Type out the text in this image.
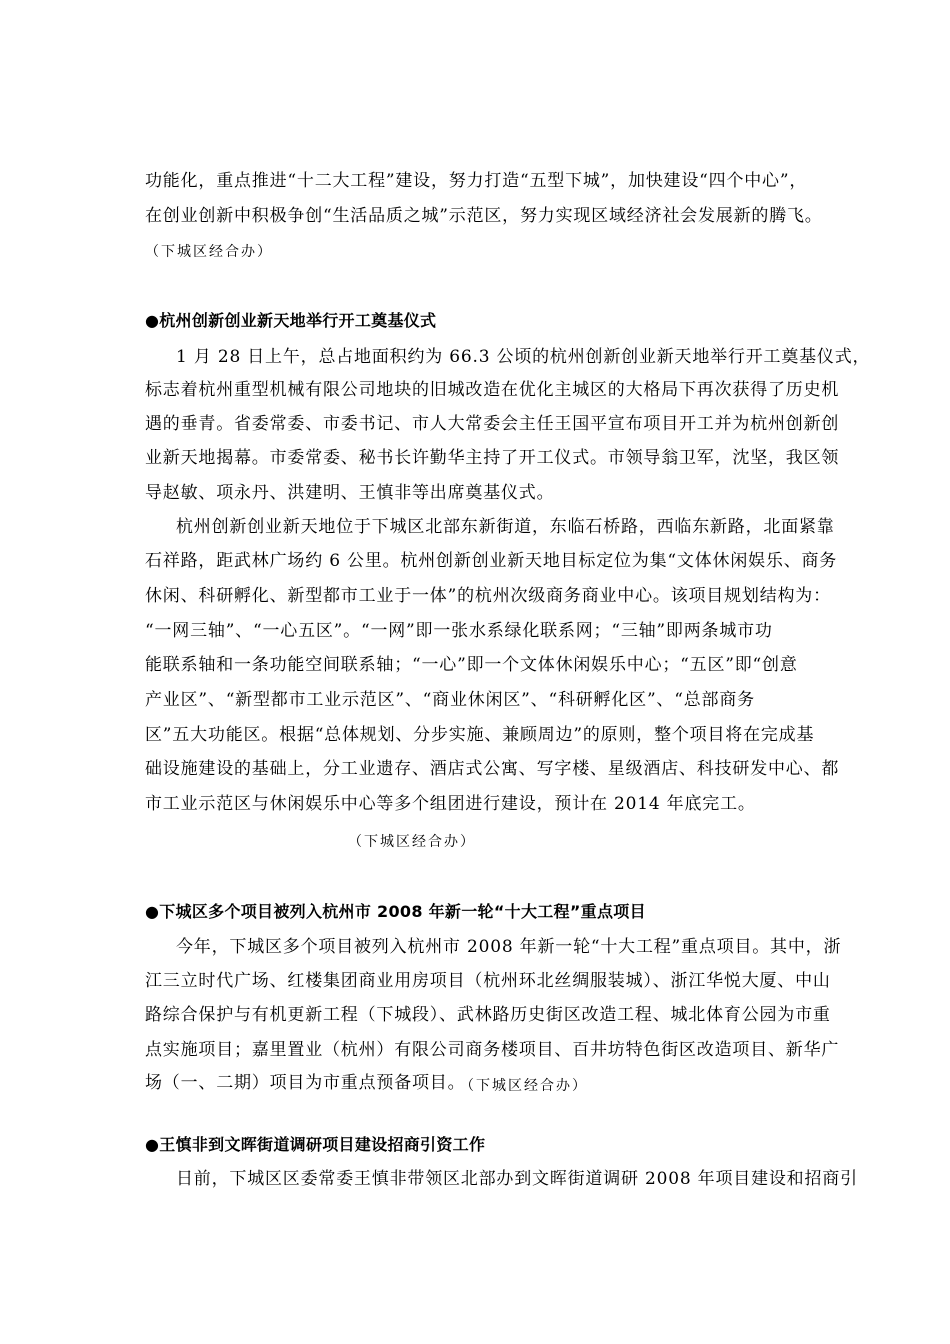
功能化，重点推进“十二大工程”建设，努力打造“五型下城”，加快建设“四个中心”，
在创业创新中积极争创“生活品质之城”示范区，努力实现区域经济社会发展新的腾飞。
（下城区经合办）
●杭州创新创业新天地举行开工奠基仪式
1 月 28 日上午，总占地面积约为 66.3 公顷的杭州创新创业新天地举行开工奠基仪式，
标志着杭州重型机械有限公司地块的旧城改造在优化主城区的大格局下再次获得了历史机
遇的垂青。省委常委、市委书记、市人大常委会主任王国平宣布项目开工并为杭州创新创
业新天地揭幕。市委常委、秘书长许勤华主持了开工仪式。市领导翁卫军，沈坚，我区领
导赵敏、项永丹、洪建明、王慎非等出席奠基仪式。
杭州创新创业新天地位于下城区北部东新街道，东临石桥路，西临东新路，北面紧靠
石祥路，距武林广场约 6 公里。杭州创新创业新天地目标定位为集“文体休闲娱乐、商务
休闲、科研孵化、新型都市工业于一体”的杭州次级商务商业中心。该项目规划结构为：
“一网三轴”、“一心五区”。“一网”即一张水系绿化联系网；“三轴”即两条城市功
能联系轴和一条功能空间联系轴；“一心”即一个文体休闲娱乐中心；“五区”即“创意
产业区”、“新型都市工业示范区”、“商业休闲区”、“科研孵化区”、“总部商务
区”五大功能区。根据“总体规划、分步实施、兼顾周边”的原则，整个项目将在完成基
础设施建设的基础上，分工业遗存、酒店式公寓、写字楼、星级酒店、科技研发中心、都
市工业示范区与休闲娱乐中心等多个组团进行建设，预计在 2014 年底完工。
（下城区经合办）
●下城区多个项目被列入杭州市 2008 年新一轮“十大工程”重点项目
今年，下城区多个项目被列入杭州市 2008 年新一轮“十大工程”重点项目。其中，浙
江三立时代广场、红楼集团商业用房项目（杭州环北丝绸服装城）、浙江华悦大厦、中山
路综合保护与有机更新工程（下城段）、武林路历史街区改造工程、城北体育公园为市重
点实施项目；嘉里置业（杭州）有限公司商务楼项目、百井坊特色街区改造项目、新华广
场（一、二期）项目为市重点预备项目。
（下城区经合办）
●王慎非到文晖街道调研项目建设招商引资工作
日前，下城区区委常委王慎非带领区北部办到文晖街道调研 2008 年项目建设和招商引
